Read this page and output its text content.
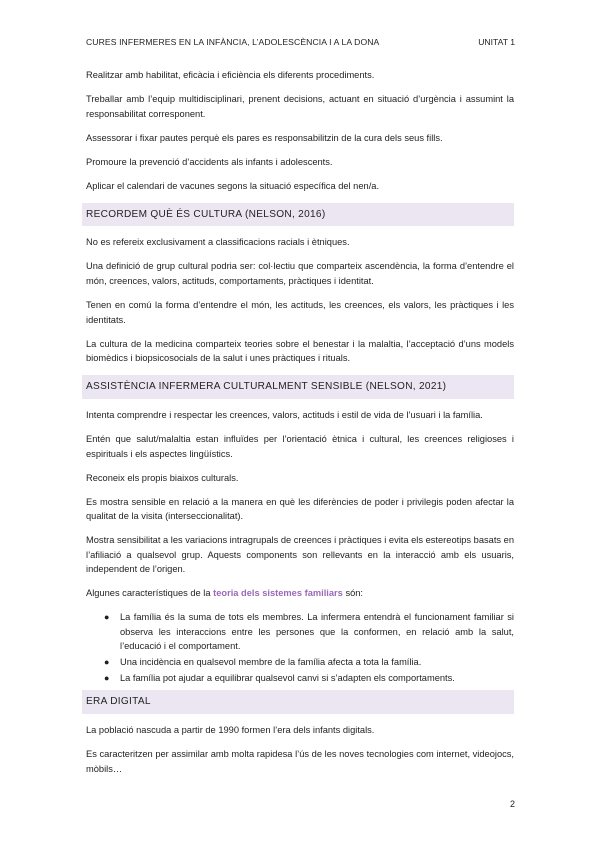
CURES INFERMERES EN LA INFÀNCIA, L’ADOLESCÈNCIA I A LA DONA	UNITAT 1

Realitzar amb habilitat, eficàcia i eficiència els diferents procediments.

Treballar amb l’equip multidisciplinari, prenent decisions, actuant en situació d’urgència i assumint la responsabilitat corresponent.

Assessorar i fixar pautes perquè els pares es responsabilitzin de la cura dels seus fills.

Promoure la prevenció d’accidents als infants i adolescents.

Aplicar el calendari de vacunes segons la situació específica del nen/a.

RECORDEM QUÈ ÉS CULTURA (NELSON, 2016)

No es refereix exclusivament a classificacions racials i ètniques.

Una definició de grup cultural podria ser: col·lectiu que comparteix ascendència, la forma d’entendre el món, creences, valors, actituds, comportaments, pràctiques i identitat.

Tenen en comú la forma d’entendre el món, les actituds, les creences, els valors, les pràctiques i les identitats.

La cultura de la medicina comparteix teories sobre el benestar i la malaltia, l’acceptació d’uns models biomèdics i biopsicosocials de la salut i unes pràctiques i rituals.

ASSISTÈNCIA INFERMERA CULTURALMENT SENSIBLE (NELSON, 2021)

Intenta comprendre i respectar les creences, valors, actituds i estil de vida de l’usuari i la família.

Entén que salut/malaltia estan influïdes per l’orientació ètnica i cultural, les creences religioses i espirituals i els aspectes lingüístics.

Reconeix els propis biaixos culturals.

Es mostra sensible en relació a la manera en què les diferències de poder i privilegis poden afectar la qualitat de la visita (interseccionalitat).

Mostra sensibilitat a les variacions intragrupals de creences i pràctiques i evita els estereotips basats en l’afiliació a qualsevol grup. Aquests components son rellevants en la interacció amb els usuaris, independent de l’origen.

Algunes característiques de la teoria dels sistemes familiars són:

● La família és la suma de tots els membres. La infermera entendrà el funcionament familiar si observa les interaccions entre les persones que la conformen, en relació amb la salut, l’educació i el comportament.
● Una incidència en qualsevol membre de la família afecta a tota la família.
● La família pot ajudar a equilibrar qualsevol canvi si s’adapten els comportaments.
ERA DIGITAL

La població nascuda a partir de 1990 formen l’era dels infants digitals.

Es caracteritzen per assimilar amb molta rapidesa l’ús de les noves tecnologies com internet, videojocs, mòbils…

2
